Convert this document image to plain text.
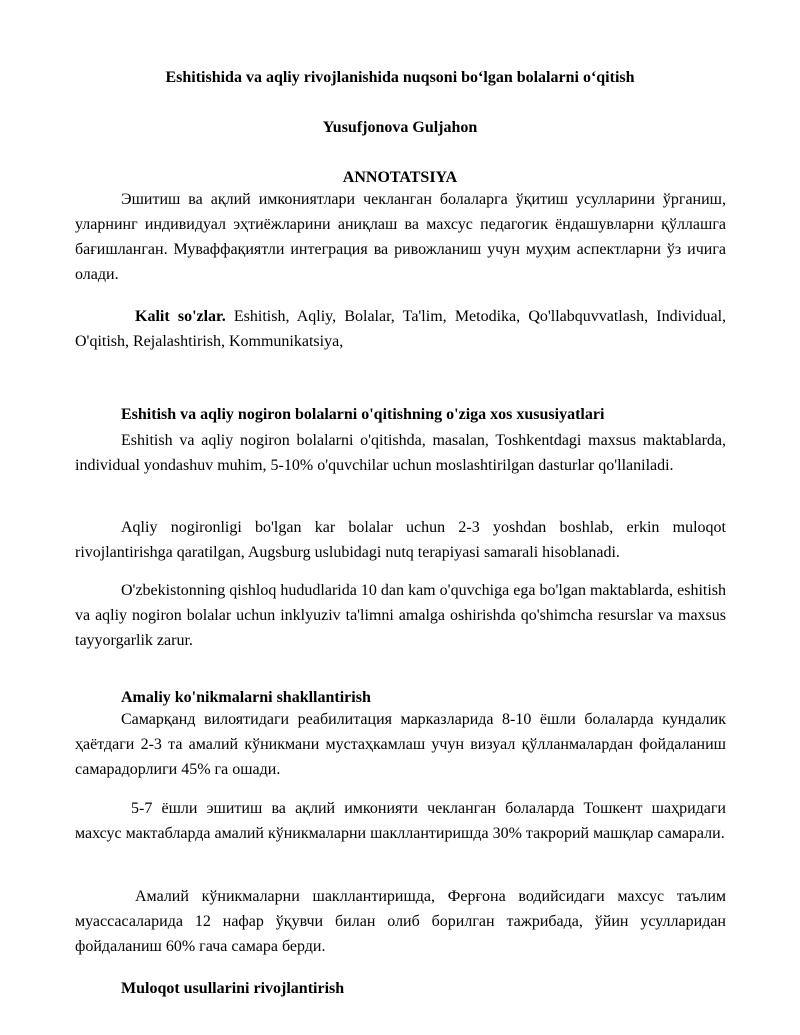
Eshitishida va aqliy rivojlanishida nuqsoni bo‘lgan bolalarni o‘qitish

Yusufjonova Guljahon

ANNOTATSIYA

Эшитиш ва ақлий имкониятлари чекланган болаларга ўқитиш усулларини ўрганиш, уларнинг индивидуал эҳтиёжларини аниқлаш ва махсус педагогик ёндашувларни қўллашга бағишланган. Муваффақиятли интеграция ва ривожланиш учун муҳим аспектларни ўз ичига олади.

Kalit so'zlar. Eshitish, Aqliy, Bolalar, Ta'lim, Metodika, Qo'llabquvvatlash, Individual, O'qitish, Rejalashtirish, Kommunikatsiya,

Eshitish va aqliy nogiron bolalarni o'qitishning o'ziga xos xususiyatlari

Eshitish va aqliy nogiron bolalarni o'qitishda, masalan, Toshkentdagi maxsus maktablarda, individual yondashuv muhim, 5-10% o'quvchilar uchun moslashtirilgan dasturlar qo'llaniladi.

Aqliy nogironligi bo'lgan kar bolalar uchun 2-3 yoshdan boshlab, erkin muloqot rivojlantirishga qaratilgan, Augsburg uslubidagi nutq terapiyasi samarali hisoblanadi.

O'zbekistonning qishloq hududlarida 10 dan kam o'quvchiga ega bo'lgan maktablarda, eshitish va aqliy nogiron bolalar uchun inklyuziv ta'limni amalga oshirishda qo'shimcha resurslar va maxsus tayyorgarlik zarur.

Amaliy ko'nikmalarni shakllantirish

Самарқанд вилоятидаги реабилитация марказларида 8-10 ёшли болаларда кундалик ҳаётдаги 2-3 та амалий кўникмани мустаҳкамлаш учун визуал қўлланмалардан фойдаланиш самарадорлиги 45% га ошади.

5-7 ёшли эшитиш ва ақлий имконияти чекланган болаларда Тошкент шаҳридаги махсус мактабларда амалий кўникмаларни шакллантиришда 30% такрорий машқлар самарали.

Амалий кўникмаларни шакллантиришда, Ферғона водийсидаги махсус таълим муассасаларида 12 нафар ўқувчи билан олиб борилган тажрибада, ўйин усулларидан фойдаланиш 60% гача самара берди.

Muloqot usullarini rivojlantirish
